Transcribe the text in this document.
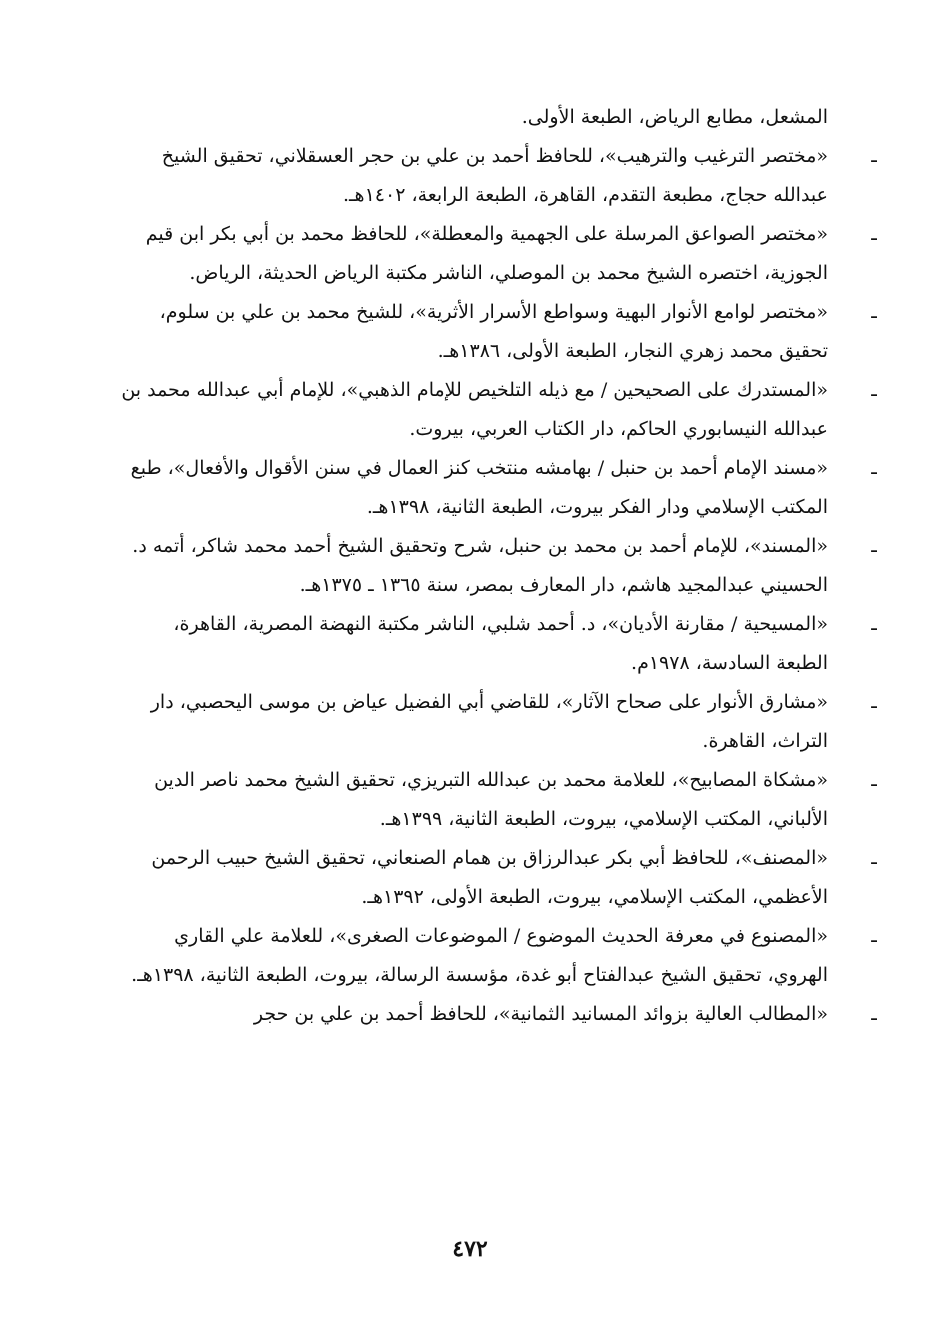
المشعل، مطابع الرياض، الطبعة الأولى.

ـ
«مختصر الترغيب والترهيب»، للحافظ أحمد بن علي بن حجر العسقلاني، تحقيق الشيخ عبدالله حجاج، مطبعة التقدم، القاهرة، الطبعة الرابعة، ١٤٠٢هـ.
ـ
«مختصر الصواعق المرسلة على الجهمية والمعطلة»، للحافظ محمد بن أبي بكر ابن قيم الجوزية، اختصره الشيخ محمد بن الموصلي، الناشر مكتبة الرياض الحديثة، الرياض.
ـ
«مختصر لوامع الأنوار البهية وسواطع الأسرار الأثرية»، للشيخ محمد بن علي بن سلوم، تحقيق محمد زهري النجار، الطبعة الأولى، ١٣٨٦هـ.
ـ
«المستدرك على الصحيحين / مع ذيله التلخيص للإمام الذهبي»، للإمام أبي عبدالله محمد بن عبدالله النيسابوري الحاكم، دار الكتاب العربي، بيروت.
ـ
«مسند الإمام أحمد بن حنبل / بهامشه منتخب كنز العمال في سنن الأقوال والأفعال»، طبع المكتب الإسلامي ودار الفكر بيروت، الطبعة الثانية، ١٣٩٨هـ.
ـ
«المسند»، للإمام أحمد بن محمد بن حنبل، شرح وتحقيق الشيخ أحمد محمد شاكر، أتمه د. الحسيني عبدالمجيد هاشم، دار المعارف بمصر، سنة ١٣٦٥ ـ ١٣٧٥هـ.
ـ
«المسيحية / مقارنة الأديان»، د. أحمد شلبي، الناشر مكتبة النهضة المصرية، القاهرة، الطبعة السادسة، ١٩٧٨م.
ـ
«مشارق الأنوار على صحاح الآثار»، للقاضي أبي الفضيل عياض بن موسى اليحصبي، دار التراث، القاهرة.
ـ
«مشكاة المصابيح»، للعلامة محمد بن عبدالله التبريزي، تحقيق الشيخ محمد ناصر الدين الألباني، المكتب الإسلامي، بيروت، الطبعة الثانية، ١٣٩٩هـ.
ـ
«المصنف»، للحافظ أبي بكر عبدالرزاق بن همام الصنعاني، تحقيق الشيخ حبيب الرحمن الأعظمي، المكتب الإسلامي، بيروت، الطبعة الأولى، ١٣٩٢هـ.
ـ
«المصنوع في معرفة الحديث الموضوع / الموضوعات الصغرى»، للعلامة علي القاري الهروي، تحقيق الشيخ عبدالفتاح أبو غدة، مؤسسة الرسالة، بيروت، الطبعة الثانية، ١٣٩٨هـ.
ـ
«المطالب العالية بزوائد المسانيد الثمانية»، للحافظ أحمد بن علي بن حجر
٤٧٢
